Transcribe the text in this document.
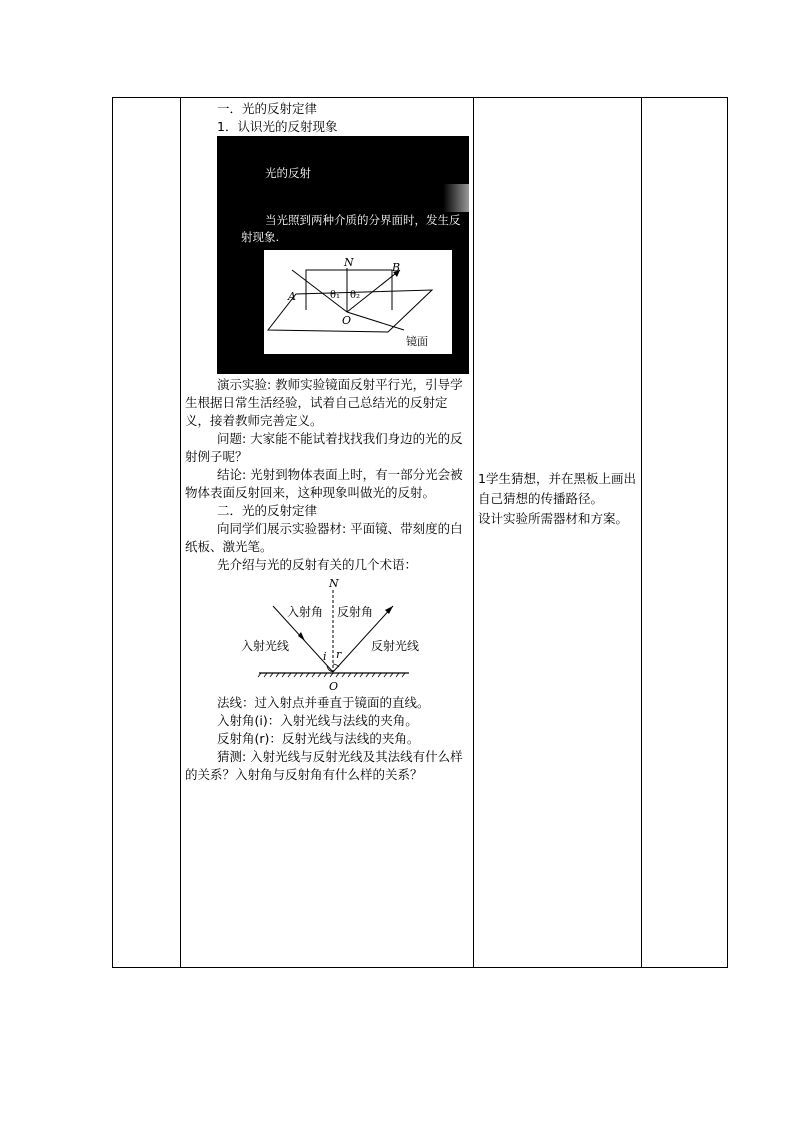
一．光的反射定律

1．认识光的反射现象

光的反射
当光照到两种介质的分界面时，发生反射现象.
N	B
A
O
θ₁ θ₂
镜面

演示实验: 教师实验镜面反射平行光，引导学生根据日常生活经验，试着自己总结光的反射定义，接着教师完善定义。

问题: 大家能不能试着找找我们身边的光的反射例子呢？

结论: 光射到物体表面上时，有一部分光会被物体表面反射回来，这种现象叫做光的反射。

二．光的反射定律

向同学们展示实验器材: 平面镜、带刻度的白纸板、激光笔。

先介绍与光的反射有关的几个术语：

N
O
入射角 反射角
入射光线	反射光线
i r

法线：过入射点并垂直于镜面的直线。

入射角(i)：入射光线与法线的夹角。

反射角(r)：反射光线与法线的夹角。

猜测: 入射光线与反射光线及其法线有什么样的关系？入射角与反射角有什么样的关系？

1学生猜想，并在黑板上画出自己猜想的传播路径。

设计实验所需器材和方案。
